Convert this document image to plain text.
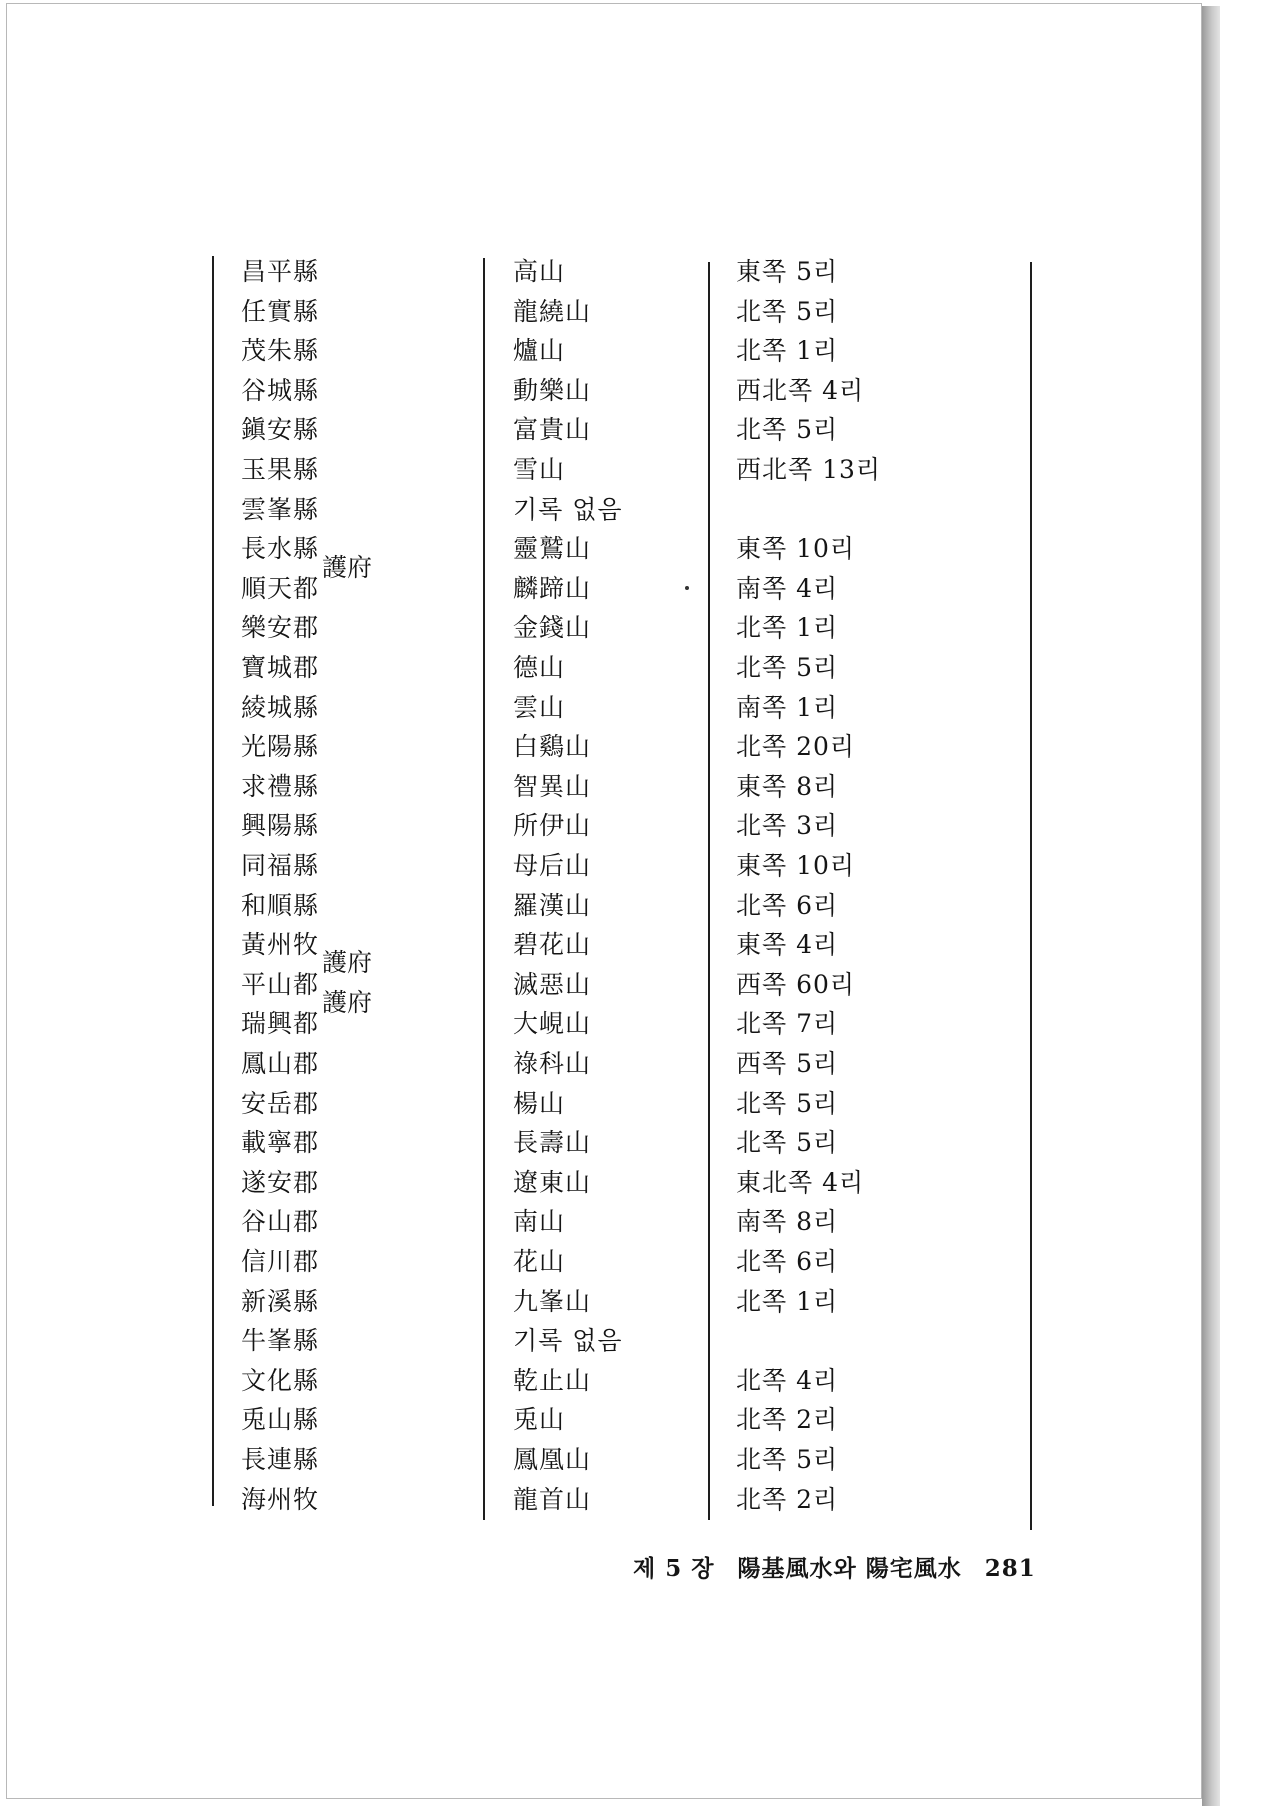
昌平縣	高山	東쪽 5리
任實縣	龍繞山	北쪽 5리
茂朱縣	爐山	北쪽 1리
谷城縣	動樂山	西北쪽 4리
鎭安縣	富貴山	北쪽 5리
玉果縣	雪山	西北쪽 13리
雲峯縣	기록 없음
長水縣	靈鷲山	東쪽 10리
順天都	麟蹄山	南쪽 4리
樂安郡	金錢山	北쪽 1리
寶城郡	德山	北쪽 5리
綾城縣	雲山	南쪽 1리
光陽縣	白鷄山	北쪽 20리
求禮縣	智異山	東쪽 8리
興陽縣	所伊山	北쪽 3리
同福縣	母后山	東쪽 10리
和順縣	羅漢山	北쪽 6리
黃州牧	碧花山	東쪽 4리
平山都	滅惡山	西쪽 60리
瑞興都	大峴山	北쪽 7리
鳳山郡	祿科山	西쪽 5리
安岳郡	楊山	北쪽 5리
載寧郡	長壽山	北쪽 5리
遂安郡	遼東山	東北쪽 4리
谷山郡	南山	南쪽 8리
信川郡	花山	北쪽 6리
新溪縣	九峯山	北쪽 1리
牛峯縣	기록 없음
文化縣	乾止山	北쪽 4리
兎山縣	兎山	北쪽 2리
長連縣	鳳凰山	北쪽 5리
海州牧	龍首山	北쪽 2리
護府
護府
護府
제 5 장 陽基風水와 陽宅風水 281
